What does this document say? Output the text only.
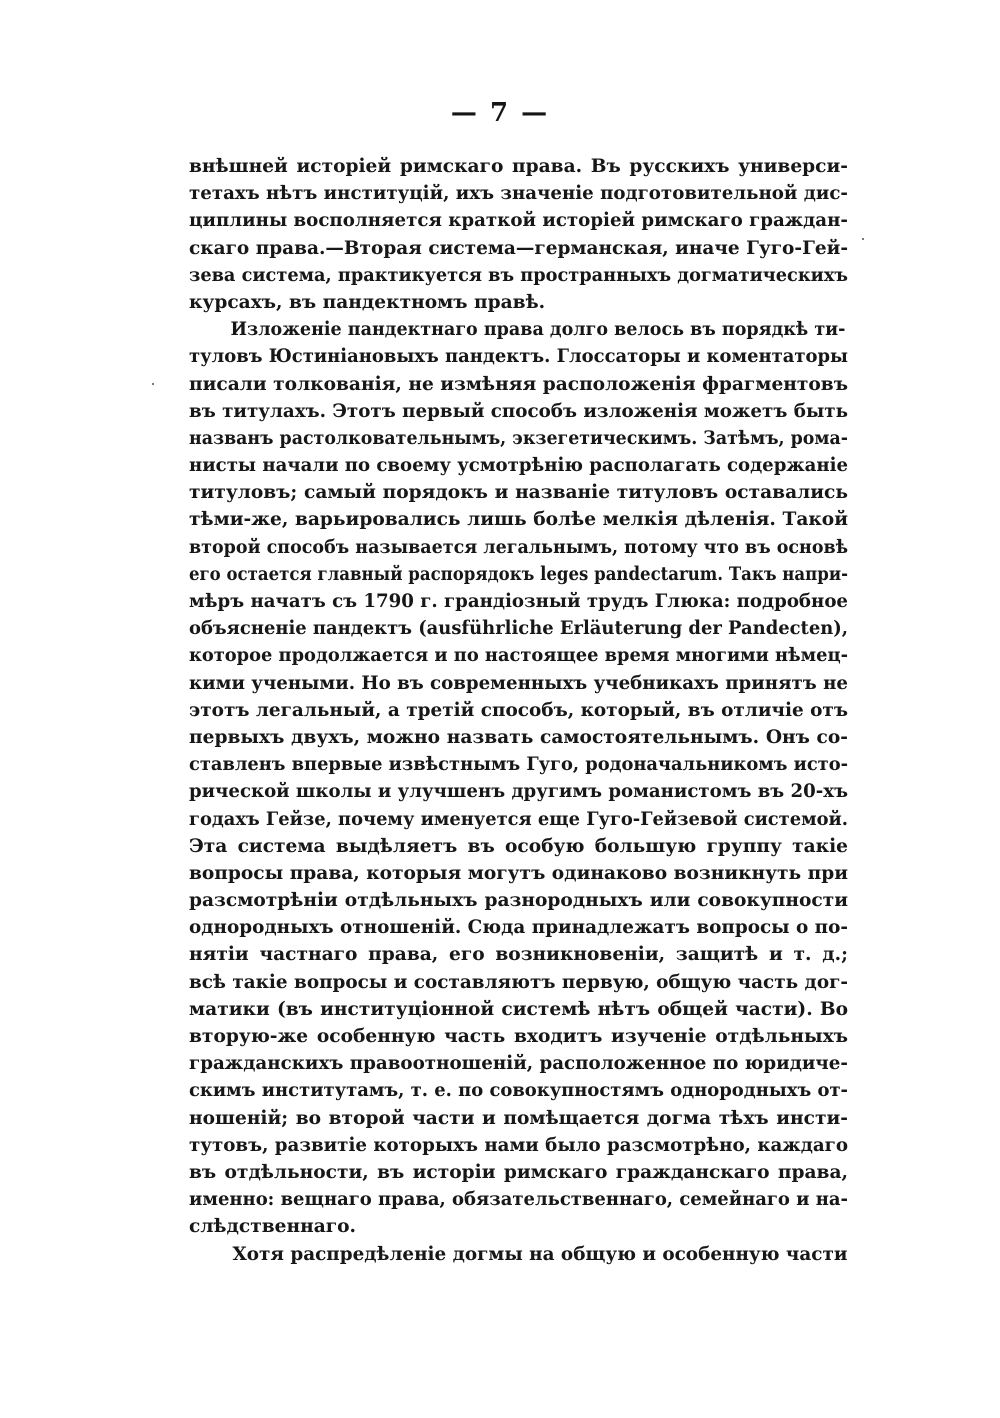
— 7 —
внѣшней исторіей римскаго права. Въ русскихъ универси-
тетахъ нѣтъ институцій, ихъ значеніе подготовительной дис-
циплины восполняется краткой исторіей римскаго граждан-
скаго права.—Вторая система—германская, иначе Гуго-Гей-
зева система, практикуется въ пространныхъ догматическихъ
курсахъ, въ пандектномъ правѣ.
Изложеніе пандектнаго права долго велось въ порядкѣ ти-
туловъ Юстиніановыхъ пандектъ. Глоссаторы и коментаторы
писали толкованія, не измѣняя расположенія фрагментовъ
въ титулахъ. Этотъ первый способъ изложенія можетъ быть
названъ растолковательнымъ, экзегетическимъ. Затѣмъ, рома-
нисты начали по своему усмотрѣнію располагать содержаніе
титуловъ; самый порядокъ и названіе титуловъ оставались
тѣми-же, варьировались лишь болѣе мелкія дѣленія. Такой
второй способъ называется легальнымъ, потому что въ основѣ
его остается главный распорядокъ leges pandectarum. Такъ напри-
мѣръ начатъ съ 1790 г. грандіозный трудъ Глюка: подробное
объясненіе пандектъ (ausführliche Erläuterung der Pandecten),
которое продолжается и по настоящее время многими нѣмец-
кими учеными. Но въ современныхъ учебникахъ принятъ не
этотъ легальный, а третій способъ, который, въ отличіе отъ
первыхъ двухъ, можно назвать самостоятельнымъ. Онъ со-
ставленъ впервые извѣстнымъ Гуго, родоначальникомъ исто-
рической школы и улучшенъ другимъ романистомъ въ 20-хъ
годахъ Гейзе, почему именуется еще Гуго-Гейзевой системой.
Эта система выдѣляетъ въ особую большую группу такіе
вопросы права, которыя могутъ одинаково возникнуть при
разсмотрѣніи отдѣльныхъ разнородныхъ или совокупности
однородныхъ отношеній. Сюда принадлежатъ вопросы о по-
нятіи частнаго права, его возникновеніи, защитѣ и т. д.;
всѣ такіе вопросы и составляютъ первую, общую часть дог-
матики (въ институціонной системѣ нѣтъ общей части). Во
вторую-же особенную часть входитъ изученіе отдѣльныхъ
гражданскихъ правоотношеній, расположенное по юридиче-
скимъ институтамъ, т. е. по совокупностямъ однородныхъ от-
ношеній; во второй части и помѣщается догма тѣхъ инсти-
тутовъ, развитіе которыхъ нами было разсмотрѣно, каждаго
въ отдѣльности, въ исторіи римскаго гражданскаго права,
именно: вещнаго права, обязательственнаго, семейнаго и на-
слѣдственнаго.
Хотя распредѣленіе догмы на общую и особенную части
